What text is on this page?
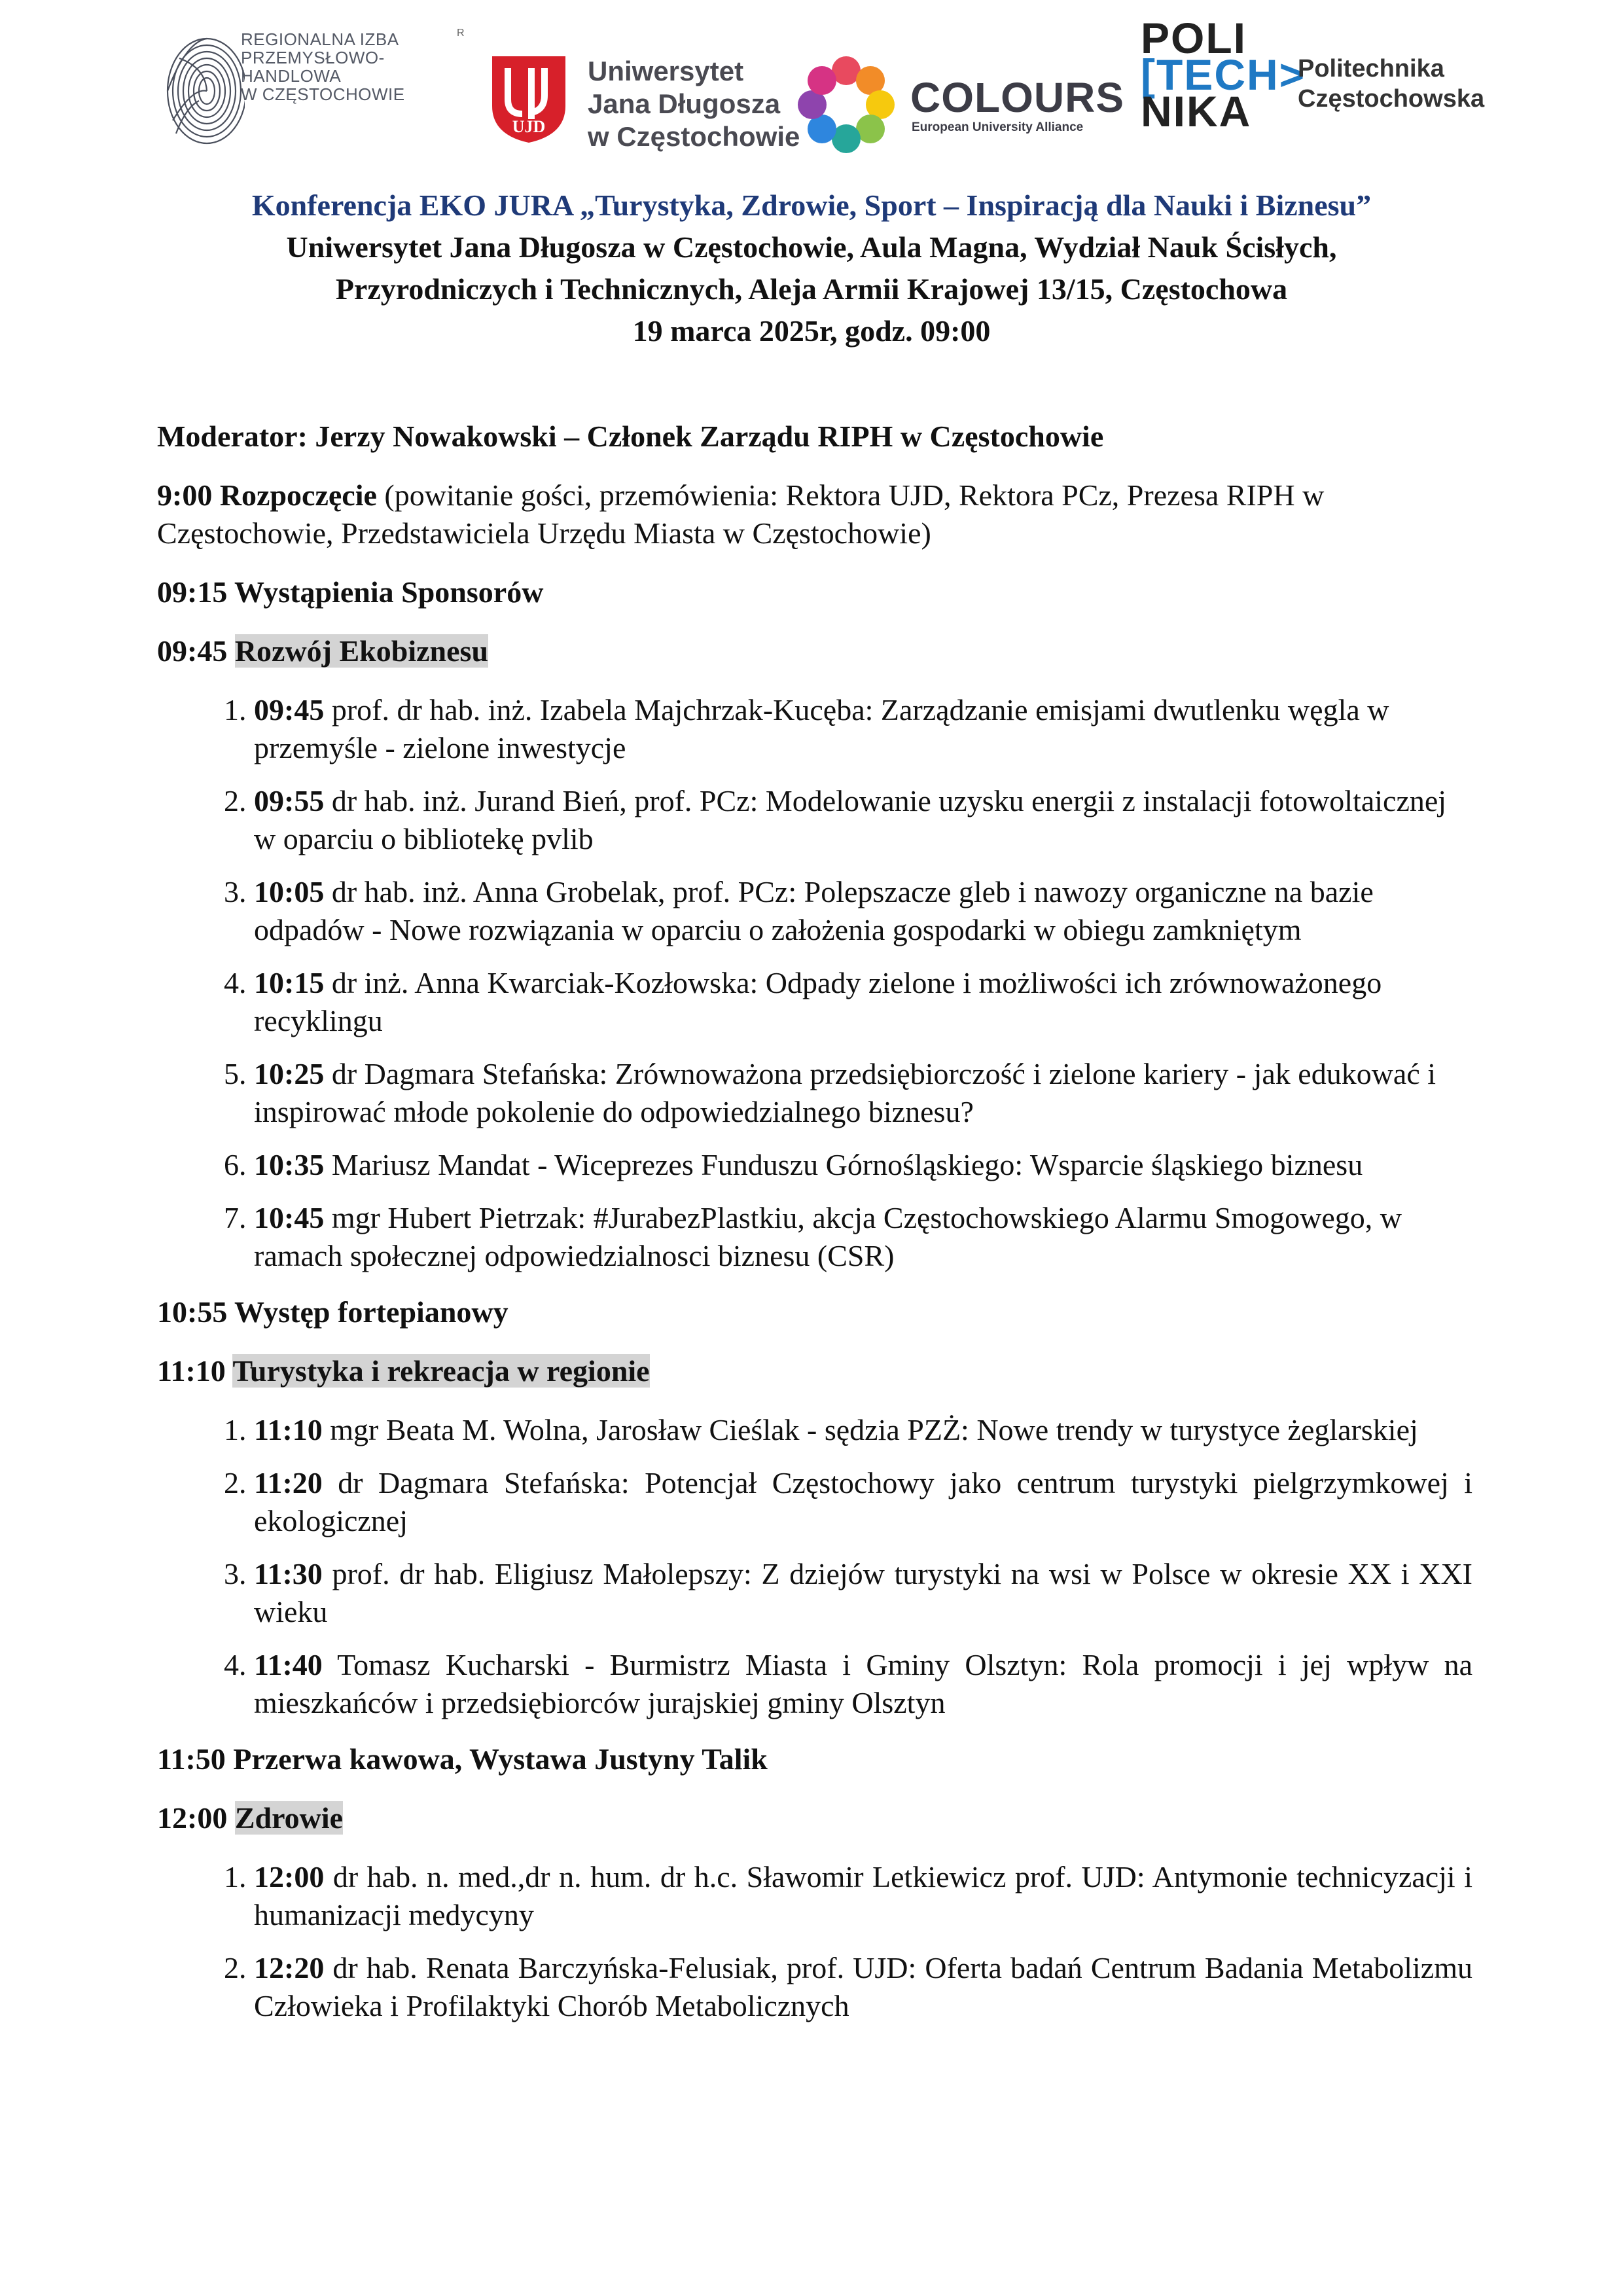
REGIONALNA IZBA
PRZEMYSŁOWO-HANDLOWA
W CZĘSTOCHOWIE
R
UJD
Uniwersytet
Jana Długosza
w Częstochowie
COLOURS
European University Alliance
POLI
[TECH>
NIKA
Politechnika
Częstochowska
Konferencja EKO JURA „Turystyka, Zdrowie, Sport – Inspiracją dla Nauki i Biznesu”
Uniwersytet Jana Długosza w Częstochowie, Aula Magna, Wydział Nauk Ścisłych,
Przyrodniczych i Technicznych, Aleja Armii Krajowej 13/15, Częstochowa
19 marca 2025r, godz. 09:00

Moderator: Jerzy Nowakowski – Członek Zarządu RIPH w Częstochowie

9:00 Rozpoczęcie (powitanie gości, przemówienia: Rektora UJD, Rektora PCz, Prezesa RIPH w Częstochowie, Przedstawiciela Urzędu Miasta w Częstochowie)

09:15 Wystąpienia Sponsorów

09:45 Rozwój Ekobiznesu

1. 09:45 prof. dr hab. inż. Izabela Majchrzak-Kucęba: Zarządzanie emisjami dwutlenku węgla w przemyśle - zielone inwestycje
2. 09:55 dr hab. inż. Jurand Bień, prof. PCz: Modelowanie uzysku energii z instalacji fotowoltaicznej w oparciu o bibliotekę pvlib
3. 10:05 dr hab. inż. Anna Grobelak, prof. PCz: Polepszacze gleb i nawozy organiczne na bazie odpadów - Nowe rozwiązania w oparciu o założenia gospodarki w obiegu zamkniętym
4. 10:15 dr inż. Anna Kwarciak-Kozłowska: Odpady zielone i możliwości ich zrównoważonego recyklingu
5. 10:25 dr Dagmara Stefańska: Zrównoważona przedsiębiorczość i zielone kariery - jak edukować i inspirować młode pokolenie do odpowiedzialnego biznesu?
6. 10:35 Mariusz Mandat - Wiceprezes Funduszu Górnośląskiego: Wsparcie śląskiego biznesu
7. 10:45 mgr Hubert Pietrzak: #JurabezPlastkiu, akcja Częstochowskiego Alarmu Smogowego, w ramach społecznej odpowiedzialnosci biznesu (CSR)

10:55 Występ fortepianowy

11:10 Turystyka i rekreacja w regionie

1. 11:10 mgr Beata M. Wolna, Jarosław Cieślak - sędzia PZŻ: Nowe trendy w turystyce żeglarskiej
2. 11:20 dr Dagmara Stefańska: Potencjał Częstochowy jako centrum turystyki pielgrzymkowej i ekologicznej
3. 11:30 prof. dr hab. Eligiusz Małolepszy: Z dziejów turystyki na wsi w Polsce w okresie XX i XXI wieku
4. 11:40 Tomasz Kucharski - Burmistrz Miasta i Gminy Olsztyn: Rola promocji i jej wpływ na mieszkańców i przedsiębiorców jurajskiej gminy Olsztyn

11:50 Przerwa kawowa, Wystawa Justyny Talik

12:00 Zdrowie

1. 12:00 dr hab. n. med.,dr n. hum. dr h.c. Sławomir Letkiewicz prof. UJD: Antymonie technicyzacji i humanizacji medycyny
2. 12:20 dr hab. Renata Barczyńska-Felusiak, prof. UJD: Oferta badań Centrum Badania Metabolizmu Człowieka i Profilaktyki Chorób Metabolicznych
